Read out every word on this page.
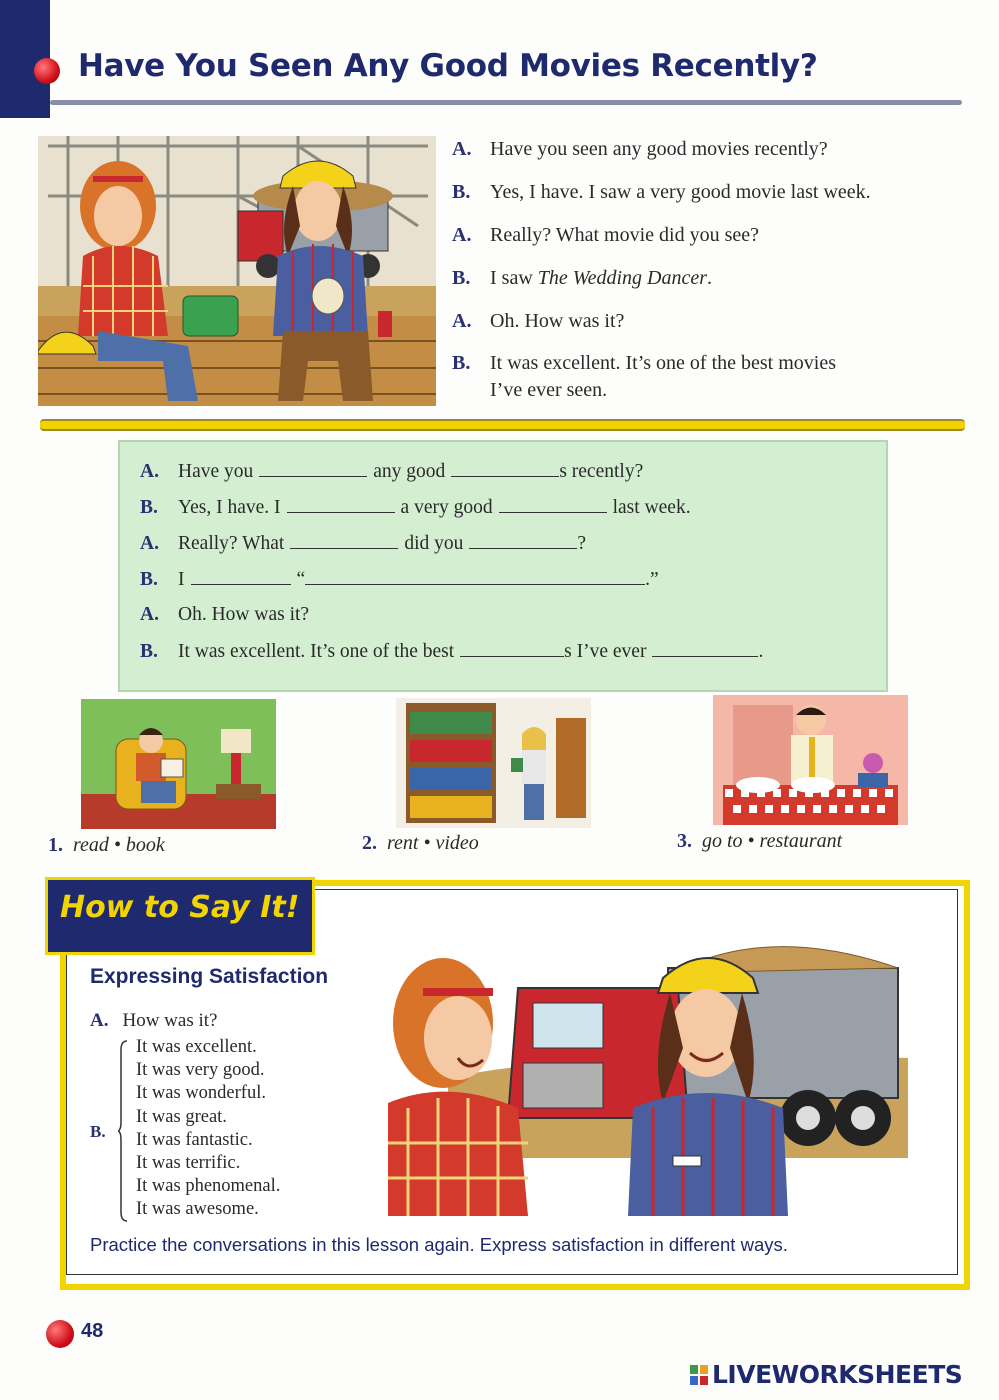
Have You Seen Any Good Movies Recently?
A. Have you seen any good movies recently?
B. Yes, I have. I saw a very good movie last week.
A. Really? What movie did you see?
B. I saw The Wedding Dancer.
A. Oh. How was it?
B. It was excellent. It’s one of the best movies
I’ve ever seen.
A. Have you	any good	s recently?
B. Yes, I have. I	a very good	last week.
A. Really? What	did you	?
B. I	“	.”
A. Oh. How was it?
B. It was excellent. It’s one of the best	s I’ve ever	.
1. read • book	2. rent • video	3. go to • restaurant
How to Say It!
Expressing Satisfaction
A. How was it?
B.
It was excellent.
It was very good.
It was wonderful.
It was great.
It was fantastic.
It was terrific.
It was phenomenal.
It was awesome.
Practice the conversations in this lesson again. Express satisfaction in different ways.
48
LIVEWORKSHEETS
